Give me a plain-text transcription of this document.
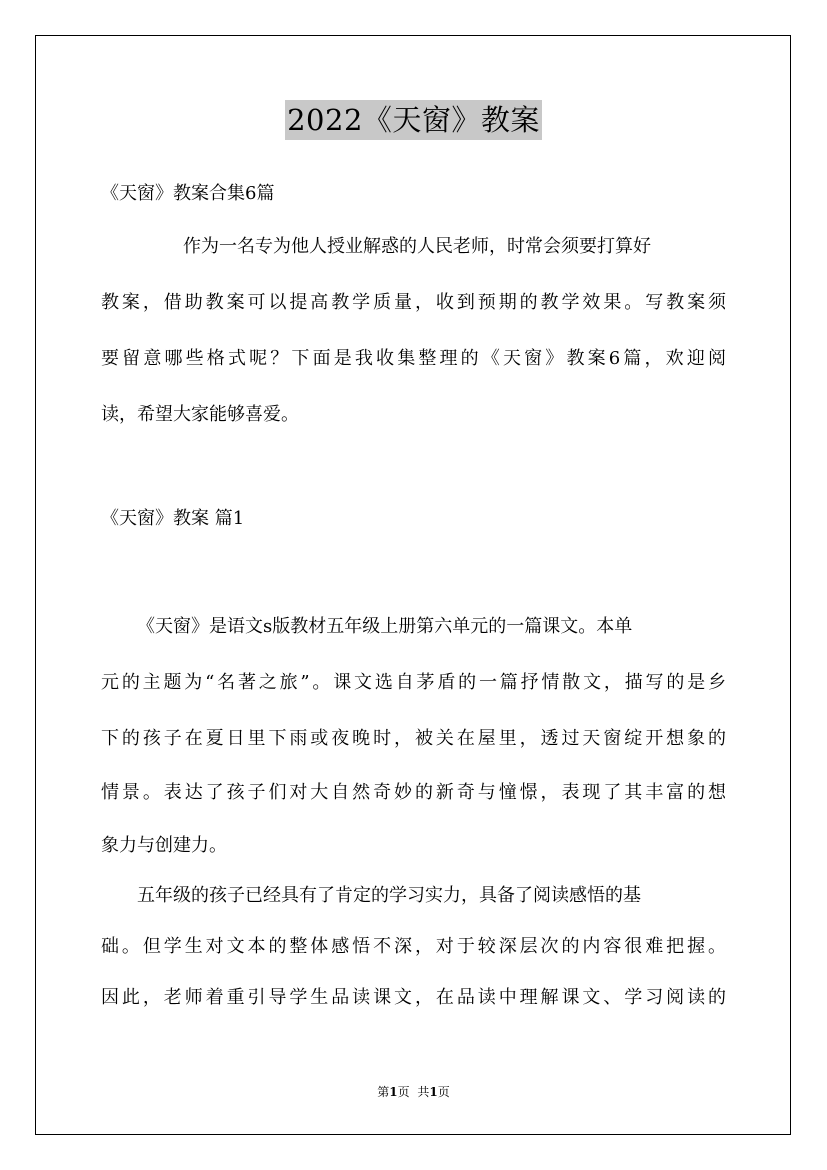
2022《天窗》教案
《天窗》教案合集6篇
作为一名专为他人授业解惑的人民老师，时常会须要打算好
教案，借助教案可以提高教学质量，收到预期的教学效果。写教案须
要留意哪些格式呢？下面是我收集整理的《天窗》教案6篇，欢迎阅
读，希望大家能够喜爱。
《天窗》教案 篇1
《天窗》是语文s版教材五年级上册第六单元的一篇课文。本单
元的主题为“名著之旅”。课文选自茅盾的一篇抒情散文，描写的是乡
下的孩子在夏日里下雨或夜晚时，被关在屋里，透过天窗绽开想象的
情景。表达了孩子们对大自然奇妙的新奇与憧憬，表现了其丰富的想
象力与创建力。
五年级的孩子已经具有了肯定的学习实力，具备了阅读感悟的基
础。但学生对文本的整体感悟不深，对于较深层次的内容很难把握。
因此，老师着重引导学生品读课文，在品读中理解课文、学习阅读的
第1页 共1页
